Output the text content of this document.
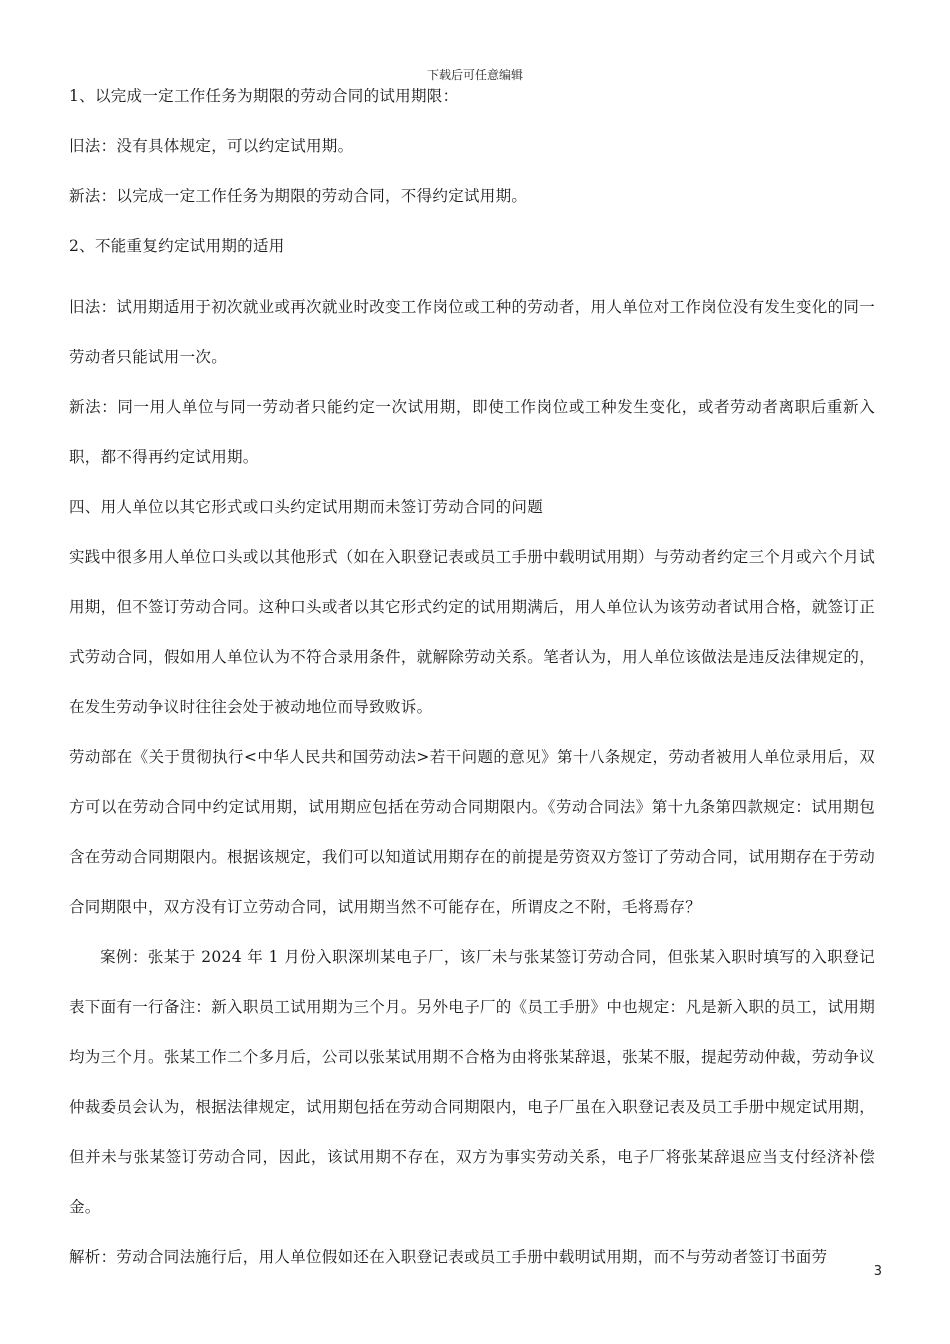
下载后可任意编辑

1、以完成一定工作任务为期限的劳动合同的试用期限：

旧法：没有具体规定，可以约定试用期。

新法：以完成一定工作任务为期限的劳动合同，不得约定试用期。

2、不能重复约定试用期的适用

旧法：试用期适用于初次就业或再次就业时改变工作岗位或工种的劳动者，用人单位对工作岗位没有发生变化的同一劳动者只能试用一次。

新法：同一用人单位与同一劳动者只能约定一次试用期，即使工作岗位或工种发生变化，或者劳动者离职后重新入职，都不得再约定试用期。

四、用人单位以其它形式或口头约定试用期而未签订劳动合同的问题

实践中很多用人单位口头或以其他形式（如在入职登记表或员工手册中载明试用期）与劳动者约定三个月或六个月试用期，但不签订劳动合同。这种口头或者以其它形式约定的试用期满后，用人单位认为该劳动者试用合格，就签订正式劳动合同，假如用人单位认为不符合录用条件，就解除劳动关系。笔者认为，用人单位该做法是违反法律规定的，在发生劳动争议时往往会处于被动地位而导致败诉。

劳动部在《关于贯彻执行<中华人民共和国劳动法>若干问题的意见》第十八条规定，劳动者被用人单位录用后，双方可以在劳动合同中约定试用期，试用期应包括在劳动合同期限内。《劳动合同法》第十九条第四款规定：试用期包含在劳动合同期限内。根据该规定，我们可以知道试用期存在的前提是劳资双方签订了劳动合同，试用期存在于劳动合同期限中，双方没有订立劳动合同，试用期当然不可能存在，所谓皮之不附，毛将焉存？

案例：张某于 2024 年 1 月份入职深圳某电子厂，该厂未与张某签订劳动合同，但张某入职时填写的入职登记表下面有一行备注：新入职员工试用期为三个月。另外电子厂的《员工手册》中也规定：凡是新入职的员工，试用期均为三个月。张某工作二个多月后，公司以张某试用期不合格为由将张某辞退，张某不服，提起劳动仲裁，劳动争议仲裁委员会认为，根据法律规定，试用期包括在劳动合同期限内，电子厂虽在入职登记表及员工手册中规定试用期，但并未与张某签订劳动合同，因此，该试用期不存在，双方为事实劳动关系，电子厂将张某辞退应当支付经济补偿金。

解析：劳动合同法施行后，用人单位假如还在入职登记表或员工手册中载明试用期，而不与劳动者签订书面劳

3
